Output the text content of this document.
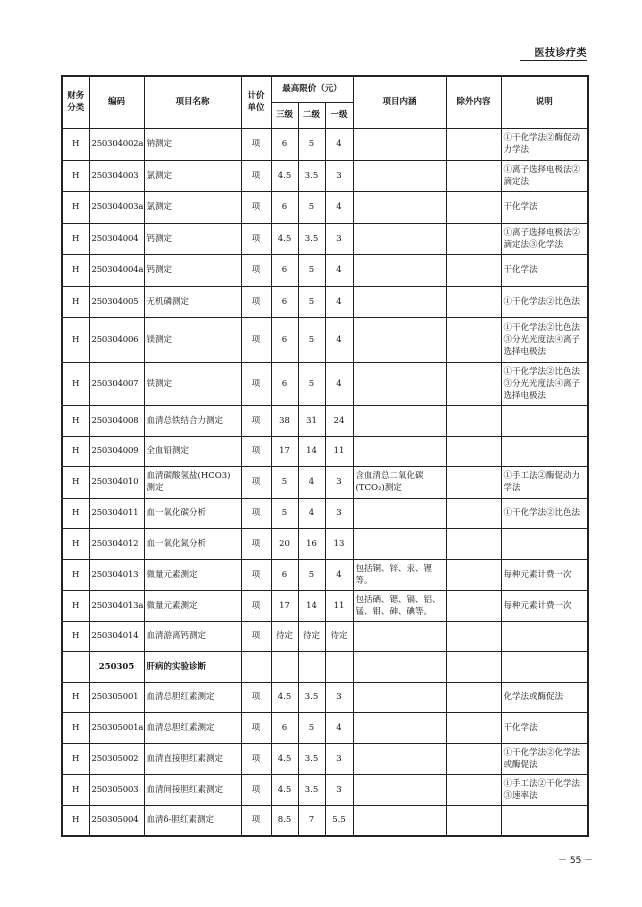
医技诊疗类
财务分类	编码	项目名称	计价单位	最高限价（元）			项目内涵	除外内容	说明
				三级	二级	一级			
H	250304002a	钠测定	项	6	5	4			①干化学法②酶促动力学法
H	250304003	氯测定	项	4.5	3.5	3			①离子选择电极法②滴定法
H	250304003a	氯测定	项	6	5	4			干化学法
H	250304004	钙测定	项	4.5	3.5	3			①离子选择电极法②滴定法③化学法
H	250304004a	钙测定	项	6	5	4			干化学法
H	250304005	无机磷测定	项	6	5	4			①干化学法②比色法
H	250304006	镁测定	项	6	5	4			①干化学法②比色法③分光光度法④离子选择电极法
H	250304007	铁测定	项	6	5	4			①干化学法②比色法③分光光度法④离子选择电极法
H	250304008	血清总铁结合力测定	项	38	31	24			
H	250304009	全血铅测定	项	17	14	11			
H	250304010	血清碳酸氢盐(HCO3)测定	项	5	4	3	含血清总二氧化碳(TCO₂)测定		①手工法②酶促动力学法
H	250304011	血一氧化碳分析	项	5	4	3			①干化学法②比色法
H	250304012	血一氧化氮分析	项	20	16	13			
H	250304013	微量元素测定	项	6	5	4	包括铜、锌、汞、锂等。		每种元素计费一次
H	250304013a	微量元素测定	项	17	14	11	包括硒、锶、镉、铝、锰、钼、砷、碘等。		每种元素计费一次
H	250304014	血清游离钙测定	项	待定	待定	待定			
	250305	肝病的实验诊断							
H	250305001	血清总胆红素测定	项	4.5	3.5	3			化学法或酶促法
H	250305001a	血清总胆红素测定	项	6	5	4			干化学法
H	250305002	血清直接胆红素测定	项	4.5	3.5	3			①干化学法②化学法或酶促法
H	250305003	血清间接胆红素测定	项	4.5	3.5	3			①手工法②干化学法③速率法
H	250305004	血清δ-胆红素测定	项	8.5	7	5.5			
－ 55 －
